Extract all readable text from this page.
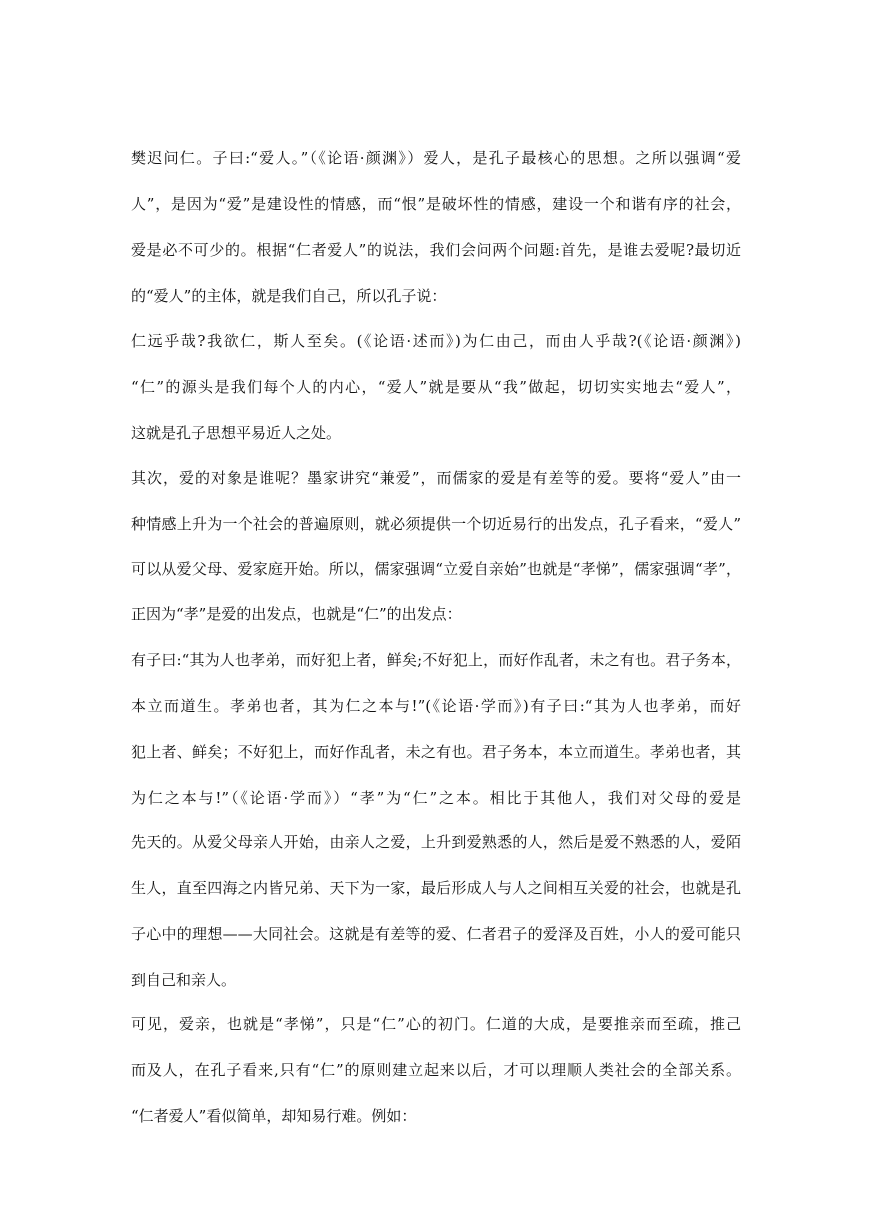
樊迟问仁。子曰:“爱人。”（《论语·颜渊》）爱人，是孔子最核心的思想。之所以强调“爱
人”，是因为“爱”是建设性的情感，而“恨”是破坏性的情感，建设一个和谐有序的社会，
爱是必不可少的。根据“仁者爱人”的说法，我们会问两个问题:首先，是谁去爱呢?最切近
的“爱人”的主体，就是我们自己，所以孔子说：
仁远乎哉?我欲仁，斯人至矣。(《论语·述而》)为仁由己，而由人乎哉?(《论语·颜渊》)
“仁”的源头是我们每个人的内心，“爱人”就是要从“我”做起，切切实实地去“爱人”，
这就是孔子思想平易近人之处。
其次，爱的对象是谁呢？墨家讲究“兼爱”，而儒家的爱是有差等的爱。要将“爱人”由一
种情感上升为一个社会的普遍原则，就必须提供一个切近易行的出发点，孔子看来，“爱人”
可以从爱父母、爱家庭开始。所以，儒家强调“立爱自亲始”也就是“孝悌”，儒家强调“孝”，
正因为“孝”是爱的出发点，也就是“仁”的出发点：
有子曰:“其为人也孝弟，而好犯上者，鲜矣;不好犯上，而好作乱者，未之有也。君子务本，
本立而道生。孝弟也者，其为仁之本与!”(《论语·学而》)有子曰:“其为人也孝弟，而好
犯上者、鲜矣；不好犯上，而好作乱者，未之有也。君子务本，本立而道生。孝弟也者，其
为仁之本与!”（《论语·学而》）“孝”为“仁”之本。相比于其他人，我们对父母的爱是
先天的。从爱父母亲人开始，由亲人之爱，上升到爱熟悉的人，然后是爱不熟悉的人，爱陌
生人，直至四海之内皆兄弟、天下为一家，最后形成人与人之间相互关爱的社会，也就是孔
子心中的理想——大同社会。这就是有差等的爱、仁者君子的爱泽及百姓，小人的爱可能只
到自己和亲人。
可见，爱亲，也就是“孝悌”，只是“仁”心的初门。仁道的大成，是要推亲而至疏，推己
而及人，在孔子看来,只有“仁”的原则建立起来以后，才可以理顺人类社会的全部关系。
“仁者爱人”看似简单，却知易行难。例如：
